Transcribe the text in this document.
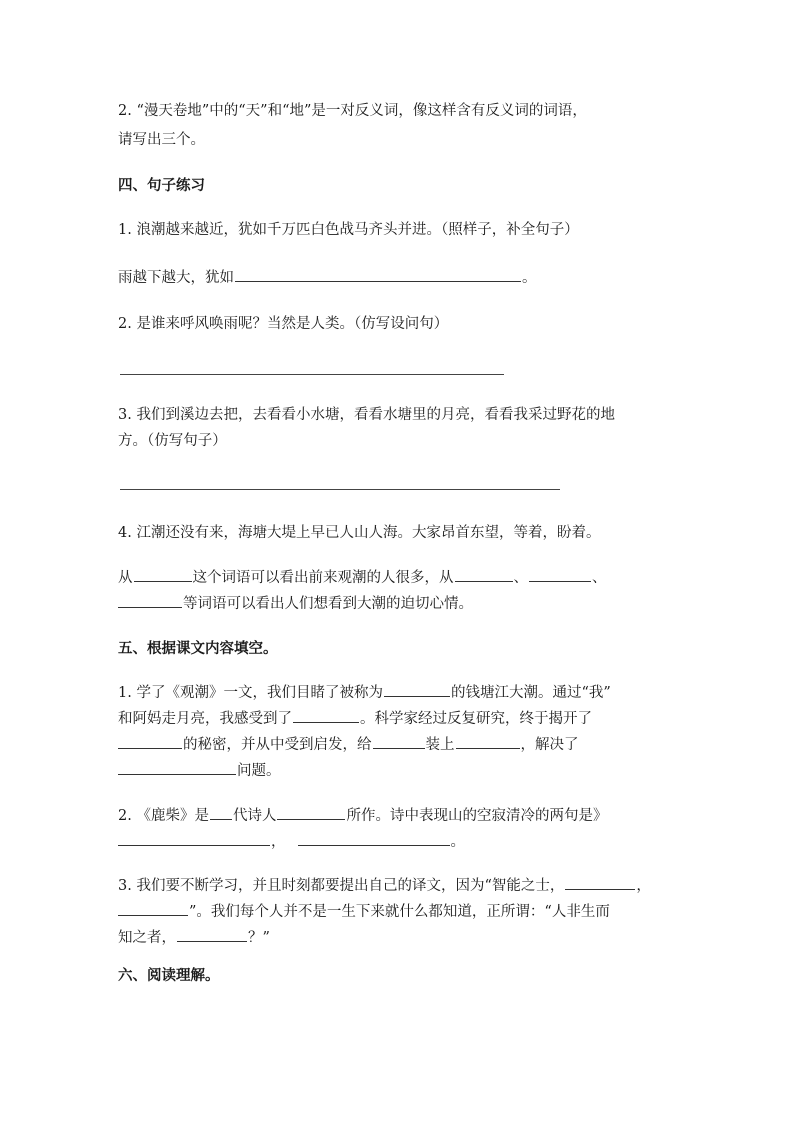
2. “漫天卷地”中的“天”和“地”是一对反义词，像这样含有反义词的词语，
请写出三个。
四、句子练习
1. 浪潮越来越近，犹如千万匹白色战马齐头并进。（照样子，补全句子）
雨越下越大，犹如	。
2. 是谁来呼风唤雨呢？当然是人类。（仿写设问句）
3. 我们到溪边去把，去看看小水塘，看看水塘里的月亮，看看我采过野花的地
方。（仿写句子）
4. 江潮还没有来，海塘大堤上早已人山人海。大家昂首东望，等着，盼着。
从	这个词语可以看出前来观潮的人很多，从	、	、
等词语可以看出人们想看到大潮的迫切心情。
五、根据课文内容填空。
1. 学了《观潮》一文，我们目睹了被称为	的钱塘江大潮。通过“我”
和阿妈走月亮，我感受到了	。科学家经过反复研究，终于揭开了
的秘密，并从中受到启发，给	装上	，解决了
问题。
2. 《鹿柴》是 代诗人	所作。诗中表现山的空寂清冷的两句是》
，	。
3. 我们要不断学习，并且时刻都要提出自己的译文，因为“智能之士，	，
”。我们每个人并不是一生下来就什么都知道，正所谓：“人非生而
知之者，	？”
六、阅读理解。
